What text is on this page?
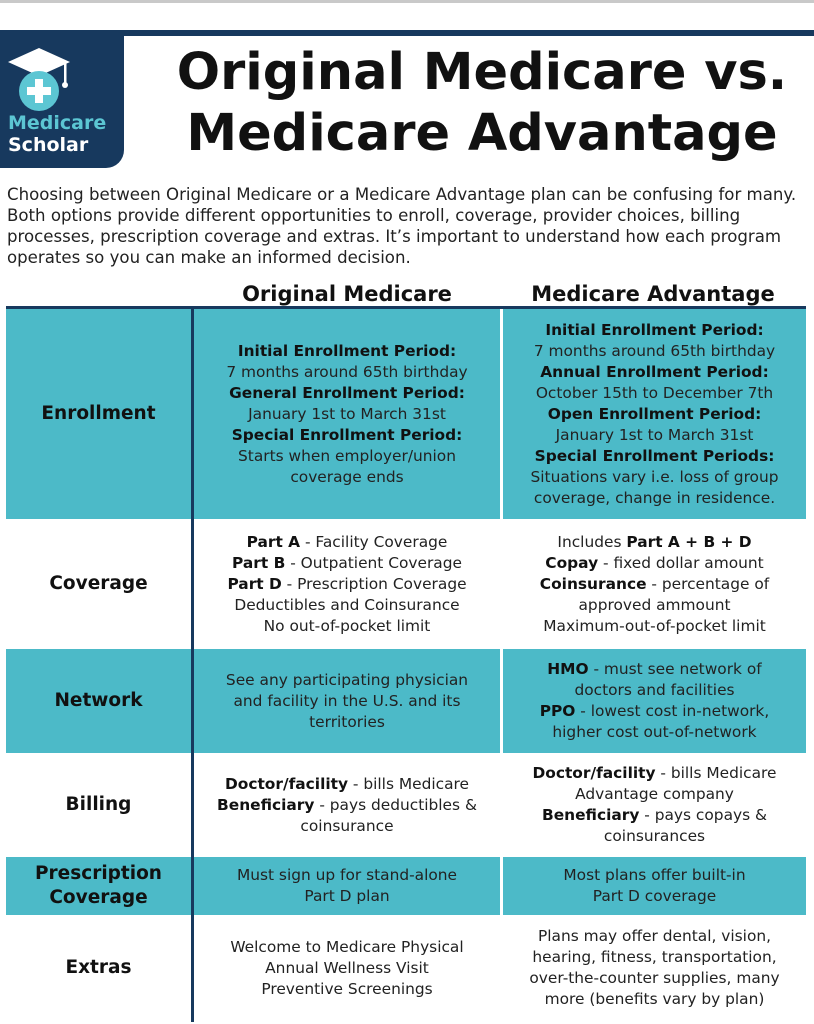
Medicare
Scholar
Original Medicare vs.
Medicare Advantage
Choosing between Original Medicare or a Medicare Advantage plan can be confusing for many. Both options provide different opportunities to enroll, coverage, provider choices, billing processes, prescription coverage and extras. It’s important to understand how each program operates so you can make an informed decision.
Original Medicare	Medicare Advantage
Enrollment
Initial Enrollment Period:
7 months around 65th birthday
General Enrollment Period:
January 1st to March 31st
Special Enrollment Period:
Starts when employer/union
coverage ends
Initial Enrollment Period:
7 months around 65th birthday
Annual Enrollment Period:
October 15th to December 7th
Open Enrollment Period:
January 1st to March 31st
Special Enrollment Periods:
Situations vary i.e. loss of group
coverage, change in residence.
Coverage
Part A - Facility Coverage
Part B - Outpatient Coverage
Part D - Prescription Coverage
Deductibles and Coinsurance
No out-of-pocket limit
Includes Part A + B + D
Copay - fixed dollar amount
Coinsurance - percentage of
approved ammount
Maximum-out-of-pocket limit
Network
See any participating physician
and facility in the U.S. and its
territories
HMO - must see network of
doctors and facilities
PPO - lowest cost in-network,
higher cost out-of-network
Billing
Doctor/facility - bills Medicare
Beneficiary - pays deductibles &
coinsurance
Doctor/facility - bills Medicare
Advantage company
Beneficiary - pays copays &
coinsurances
Prescription
Coverage
Must sign up for stand-alone
Part D plan
Most plans offer built-in
Part D coverage
Extras
Welcome to Medicare Physical
Annual Wellness Visit
Preventive Screenings
Plans may offer dental, vision,
hearing, fitness, transportation,
over-the-counter supplies, many
more (benefits vary by plan)
